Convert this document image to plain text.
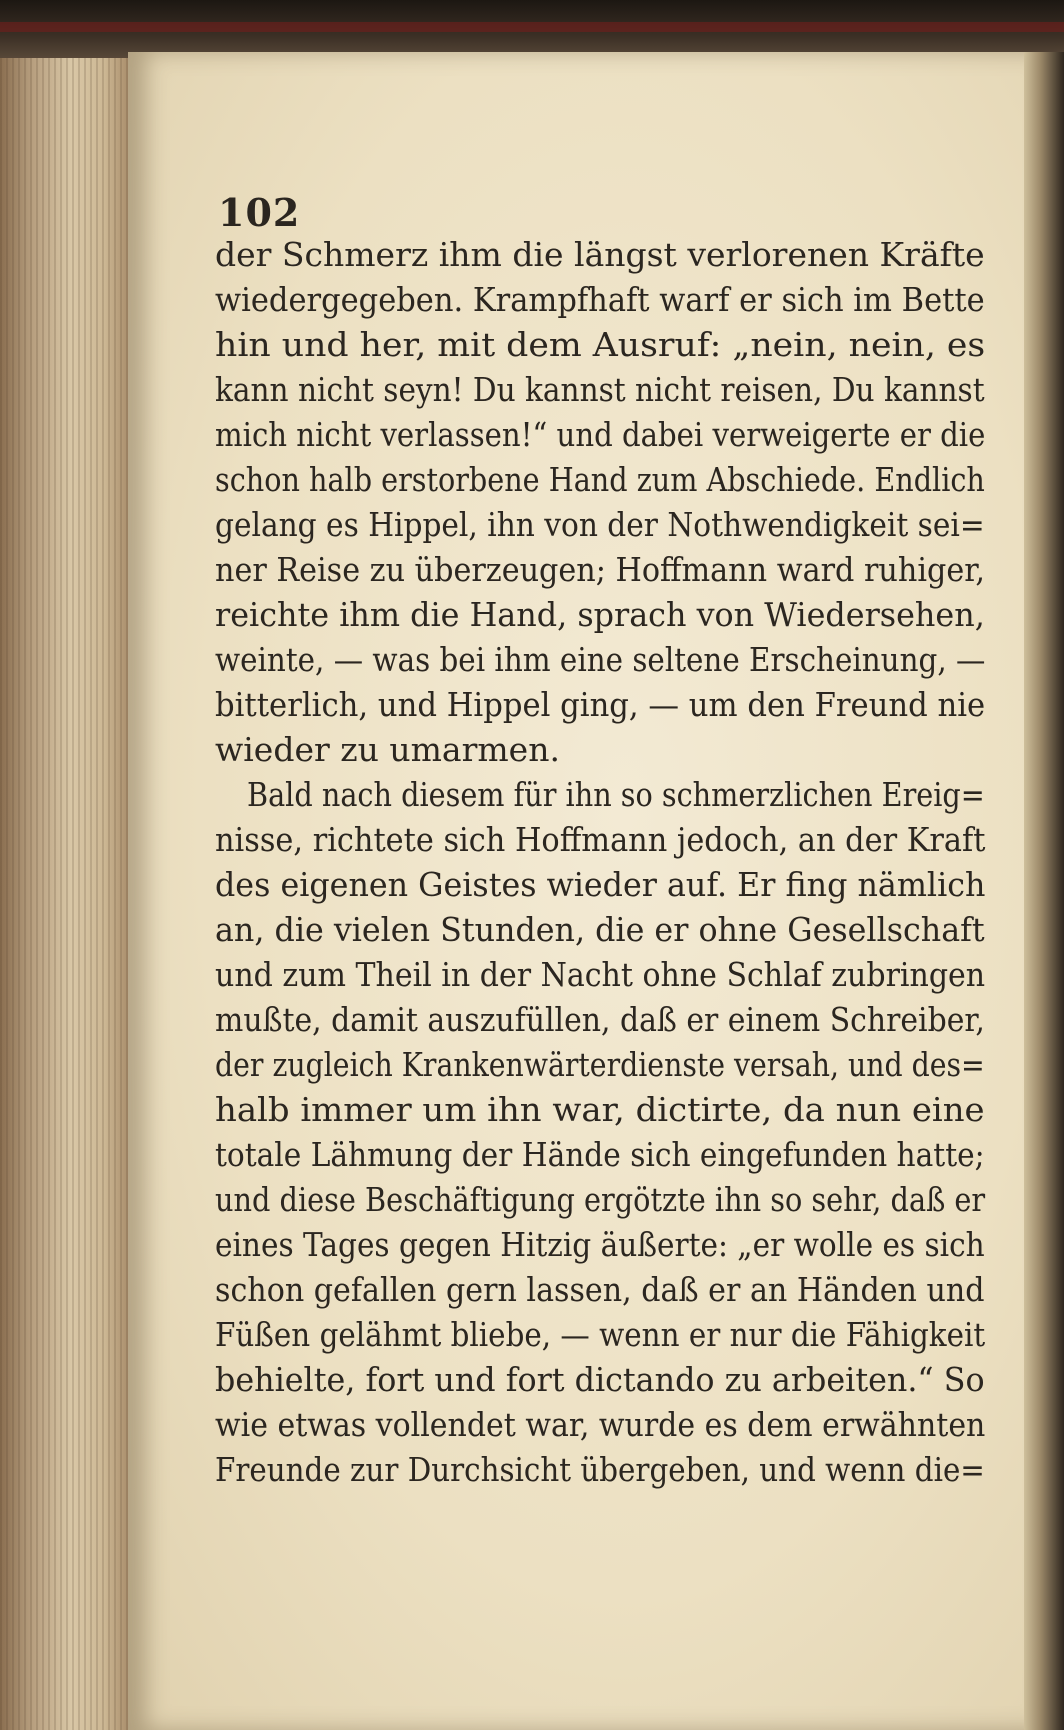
102
der Schmerz ihm die längst verlorenen Kräfte
wiedergegeben. Krampfhaft warf er sich im Bette
hin und her, mit dem Ausruf: „nein, nein, es
kann nicht seyn! Du kannst nicht reisen, Du kannst
mich nicht verlassen!“ und dabei verweigerte er die
schon halb erstorbene Hand zum Abschiede. Endlich
gelang es Hippel, ihn von der Nothwendigkeit sei=
ner Reise zu überzeugen; Hoffmann ward ruhiger,
reichte ihm die Hand, sprach von Wiedersehen,
weinte, — was bei ihm eine seltene Erscheinung, —
bitterlich, und Hippel ging, — um den Freund nie
wieder zu umarmen.
Bald nach diesem für ihn so schmerzlichen Ereig=
nisse, richtete sich Hoffmann jedoch, an der Kraft
des eigenen Geistes wieder auf. Er fing nämlich
an, die vielen Stunden, die er ohne Gesellschaft
und zum Theil in der Nacht ohne Schlaf zubringen
mußte, damit auszufüllen, daß er einem Schreiber,
der zugleich Krankenwärterdienste versah, und des=
halb immer um ihn war, dictirte, da nun eine
totale Lähmung der Hände sich eingefunden hatte;
und diese Beschäftigung ergötzte ihn so sehr, daß er
eines Tages gegen Hitzig äußerte: „er wolle es sich
schon gefallen gern lassen, daß er an Händen und
Füßen gelähmt bliebe, — wenn er nur die Fähigkeit
behielte, fort und fort dictando zu arbeiten.“ So
wie etwas vollendet war, wurde es dem erwähnten
Freunde zur Durchsicht übergeben, und wenn die=
